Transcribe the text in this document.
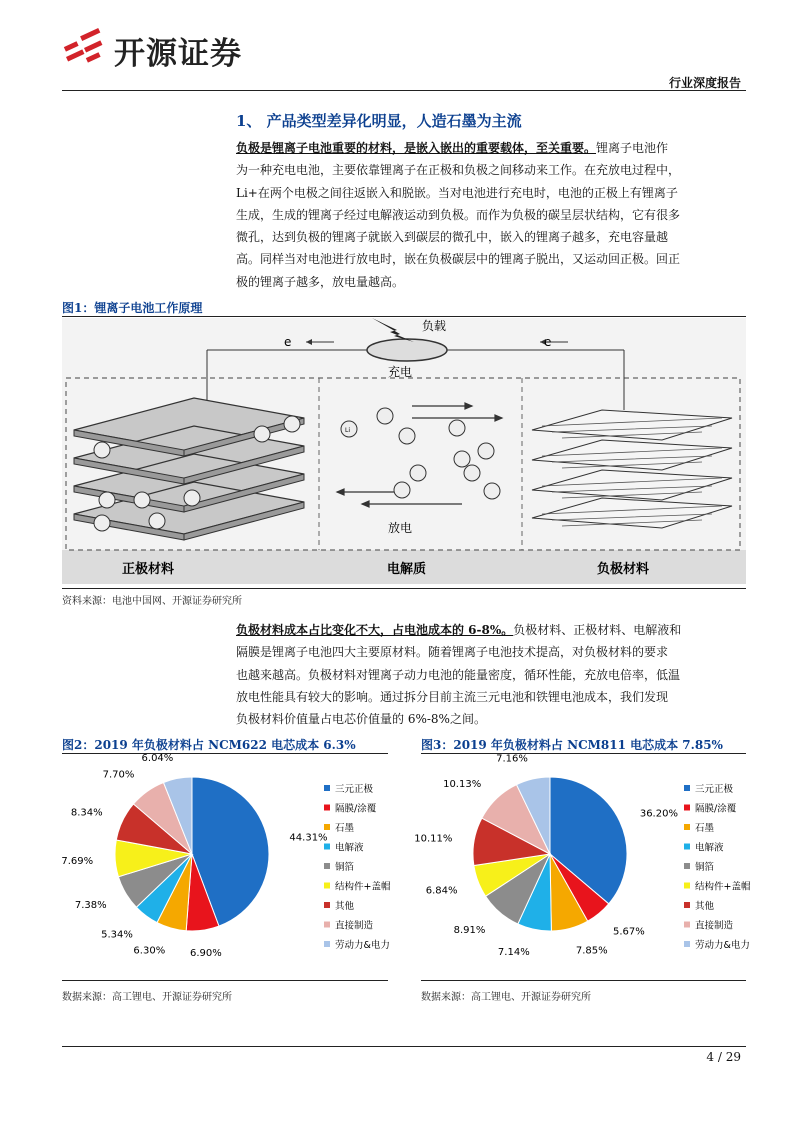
开源证券
行业深度报告
1、 产品类型差异化明显，人造石墨为主流
负极是锂离子电池重要的材料，是嵌入嵌出的重要载体，至关重要。锂离子电池作
为一种充电电池，主要依靠锂离子在正极和负极之间移动来工作。在充放电过程中，
Li+在两个电极之间往返嵌入和脱嵌。当对电池进行充电时，电池的正极上有锂离子
生成，生成的锂离子经过电解液运动到负极。而作为负极的碳呈层状结构，它有很多
微孔，达到负极的锂离子就嵌入到碳层的微孔中，嵌入的锂离子越多，充电容量越
高。同样当对电池进行放电时，嵌在负极碳层中的锂离子脱出，又运动回正极。回正
极的锂离子越多，放电量越高。
图1：锂离子电池工作原理
充电
放电
负载
e	e
Li
正极材料	电解质	负极材料
资料来源：电池中国网、开源证券研究所
负极材料成本占比变化不大，占电池成本的 6-8%。负极材料、正极材料、电解液和
隔膜是锂离子电池四大主要原材料。随着锂离子电池技术提高，对负极材料的要求
也越来越高。负极材料对锂离子动力电池的能量密度，循环性能，充放电倍率，低温
放电性能具有较大的影响。通过拆分目前主流三元电池和铁锂电池成本，我们发现
负极材料价值量占电芯价值量的 6%-8%之间。
图2：2019 年负极材料占 NCM622 电芯成本 6.3%	图3：2019 年负极材料占 NCM811 电芯成本 7.85%
44.31%
6.90%
6.30%
5.34%
7.38%
7.69%
8.34%
7.70%
6.04%
三元正极
隔膜/涂覆
石墨
电解液
铜箔
结构件+盖帽
其他
直接制造
劳动力&电力
36.20%
5.67%
7.85%
7.14%
8.91%
6.84%
10.11%
10.13%
7.16%
三元正极
隔膜/涂覆
石墨
电解液
铜箔
结构件+盖帽
其他
直接制造
劳动力&电力
数据来源：高工锂电、开源证券研究所	数据来源：高工锂电、开源证券研究所
4 / 29
